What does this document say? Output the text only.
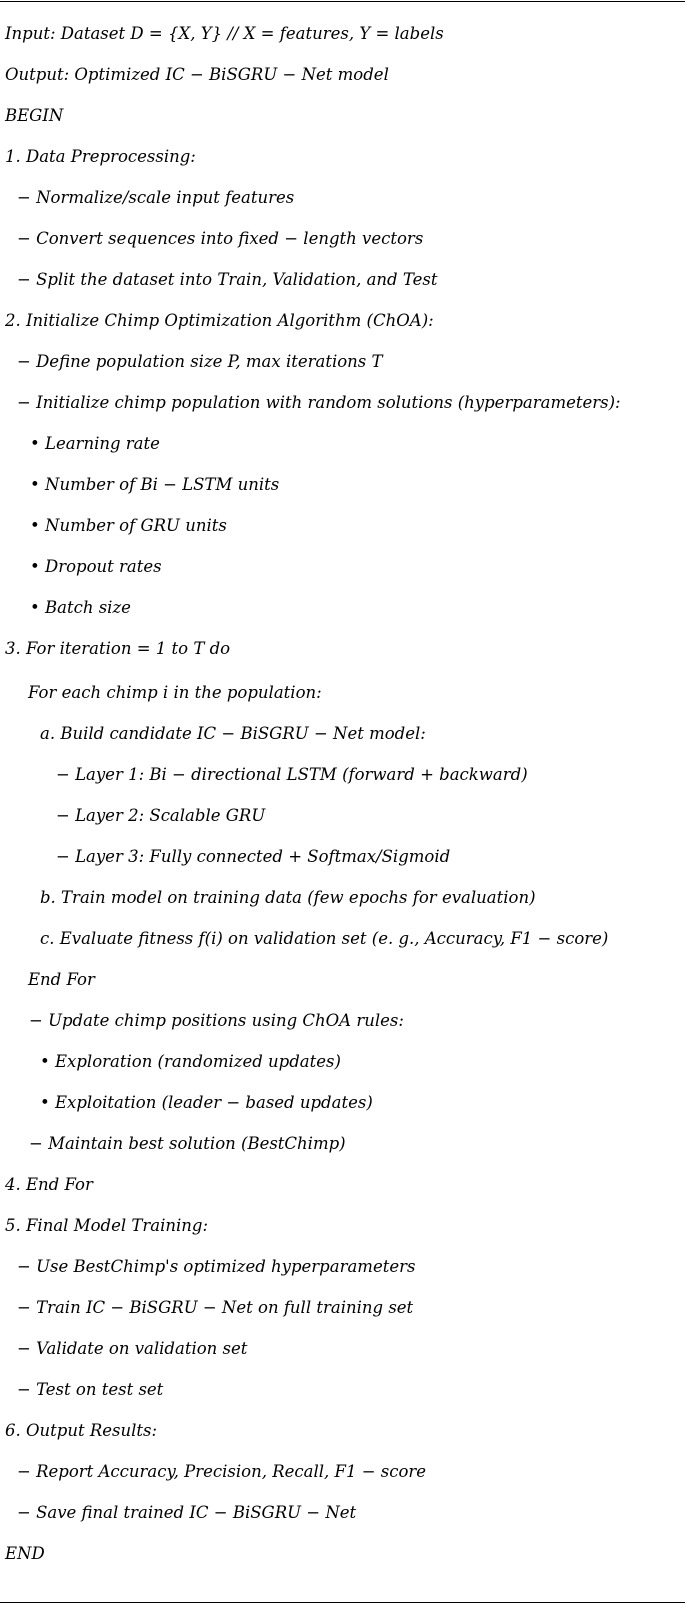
Input: Dataset D = {X, Y} // X = features, Y = labels
Output: Optimized IC − BiSGRU − Net model
BEGIN
1. Data Preprocessing:
− Normalize/scale input features
− Convert sequences into fixed − length vectors
− Split the dataset into Train, Validation, and Test
2. Initialize Chimp Optimization Algorithm (ChOA):
− Define population size P, max iterations T
− Initialize chimp population with random solutions (hyperparameters):
• Learning rate
• Number of Bi − LSTM units
• Number of GRU units
• Dropout rates
• Batch size
3. For iteration = 1 to T do
For each chimp i in the population:
a. Build candidate IC − BiSGRU − Net model:
− Layer 1: Bi − directional LSTM (forward + backward)
− Layer 2: Scalable GRU
− Layer 3: Fully connected + Softmax/Sigmoid
b. Train model on training data (few epochs for evaluation)
c. Evaluate fitness f(i) on validation set (e. g., Accuracy, F1 − score)
End For
− Update chimp positions using ChOA rules:
• Exploration (randomized updates)
• Exploitation (leader − based updates)
− Maintain best solution (BestChimp)
4. End For
5. Final Model Training:
− Use BestChimp's optimized hyperparameters
− Train IC − BiSGRU − Net on full training set
− Validate on validation set
− Test on test set
6. Output Results:
− Report Accuracy, Precision, Recall, F1 − score
− Save final trained IC − BiSGRU − Net
END
